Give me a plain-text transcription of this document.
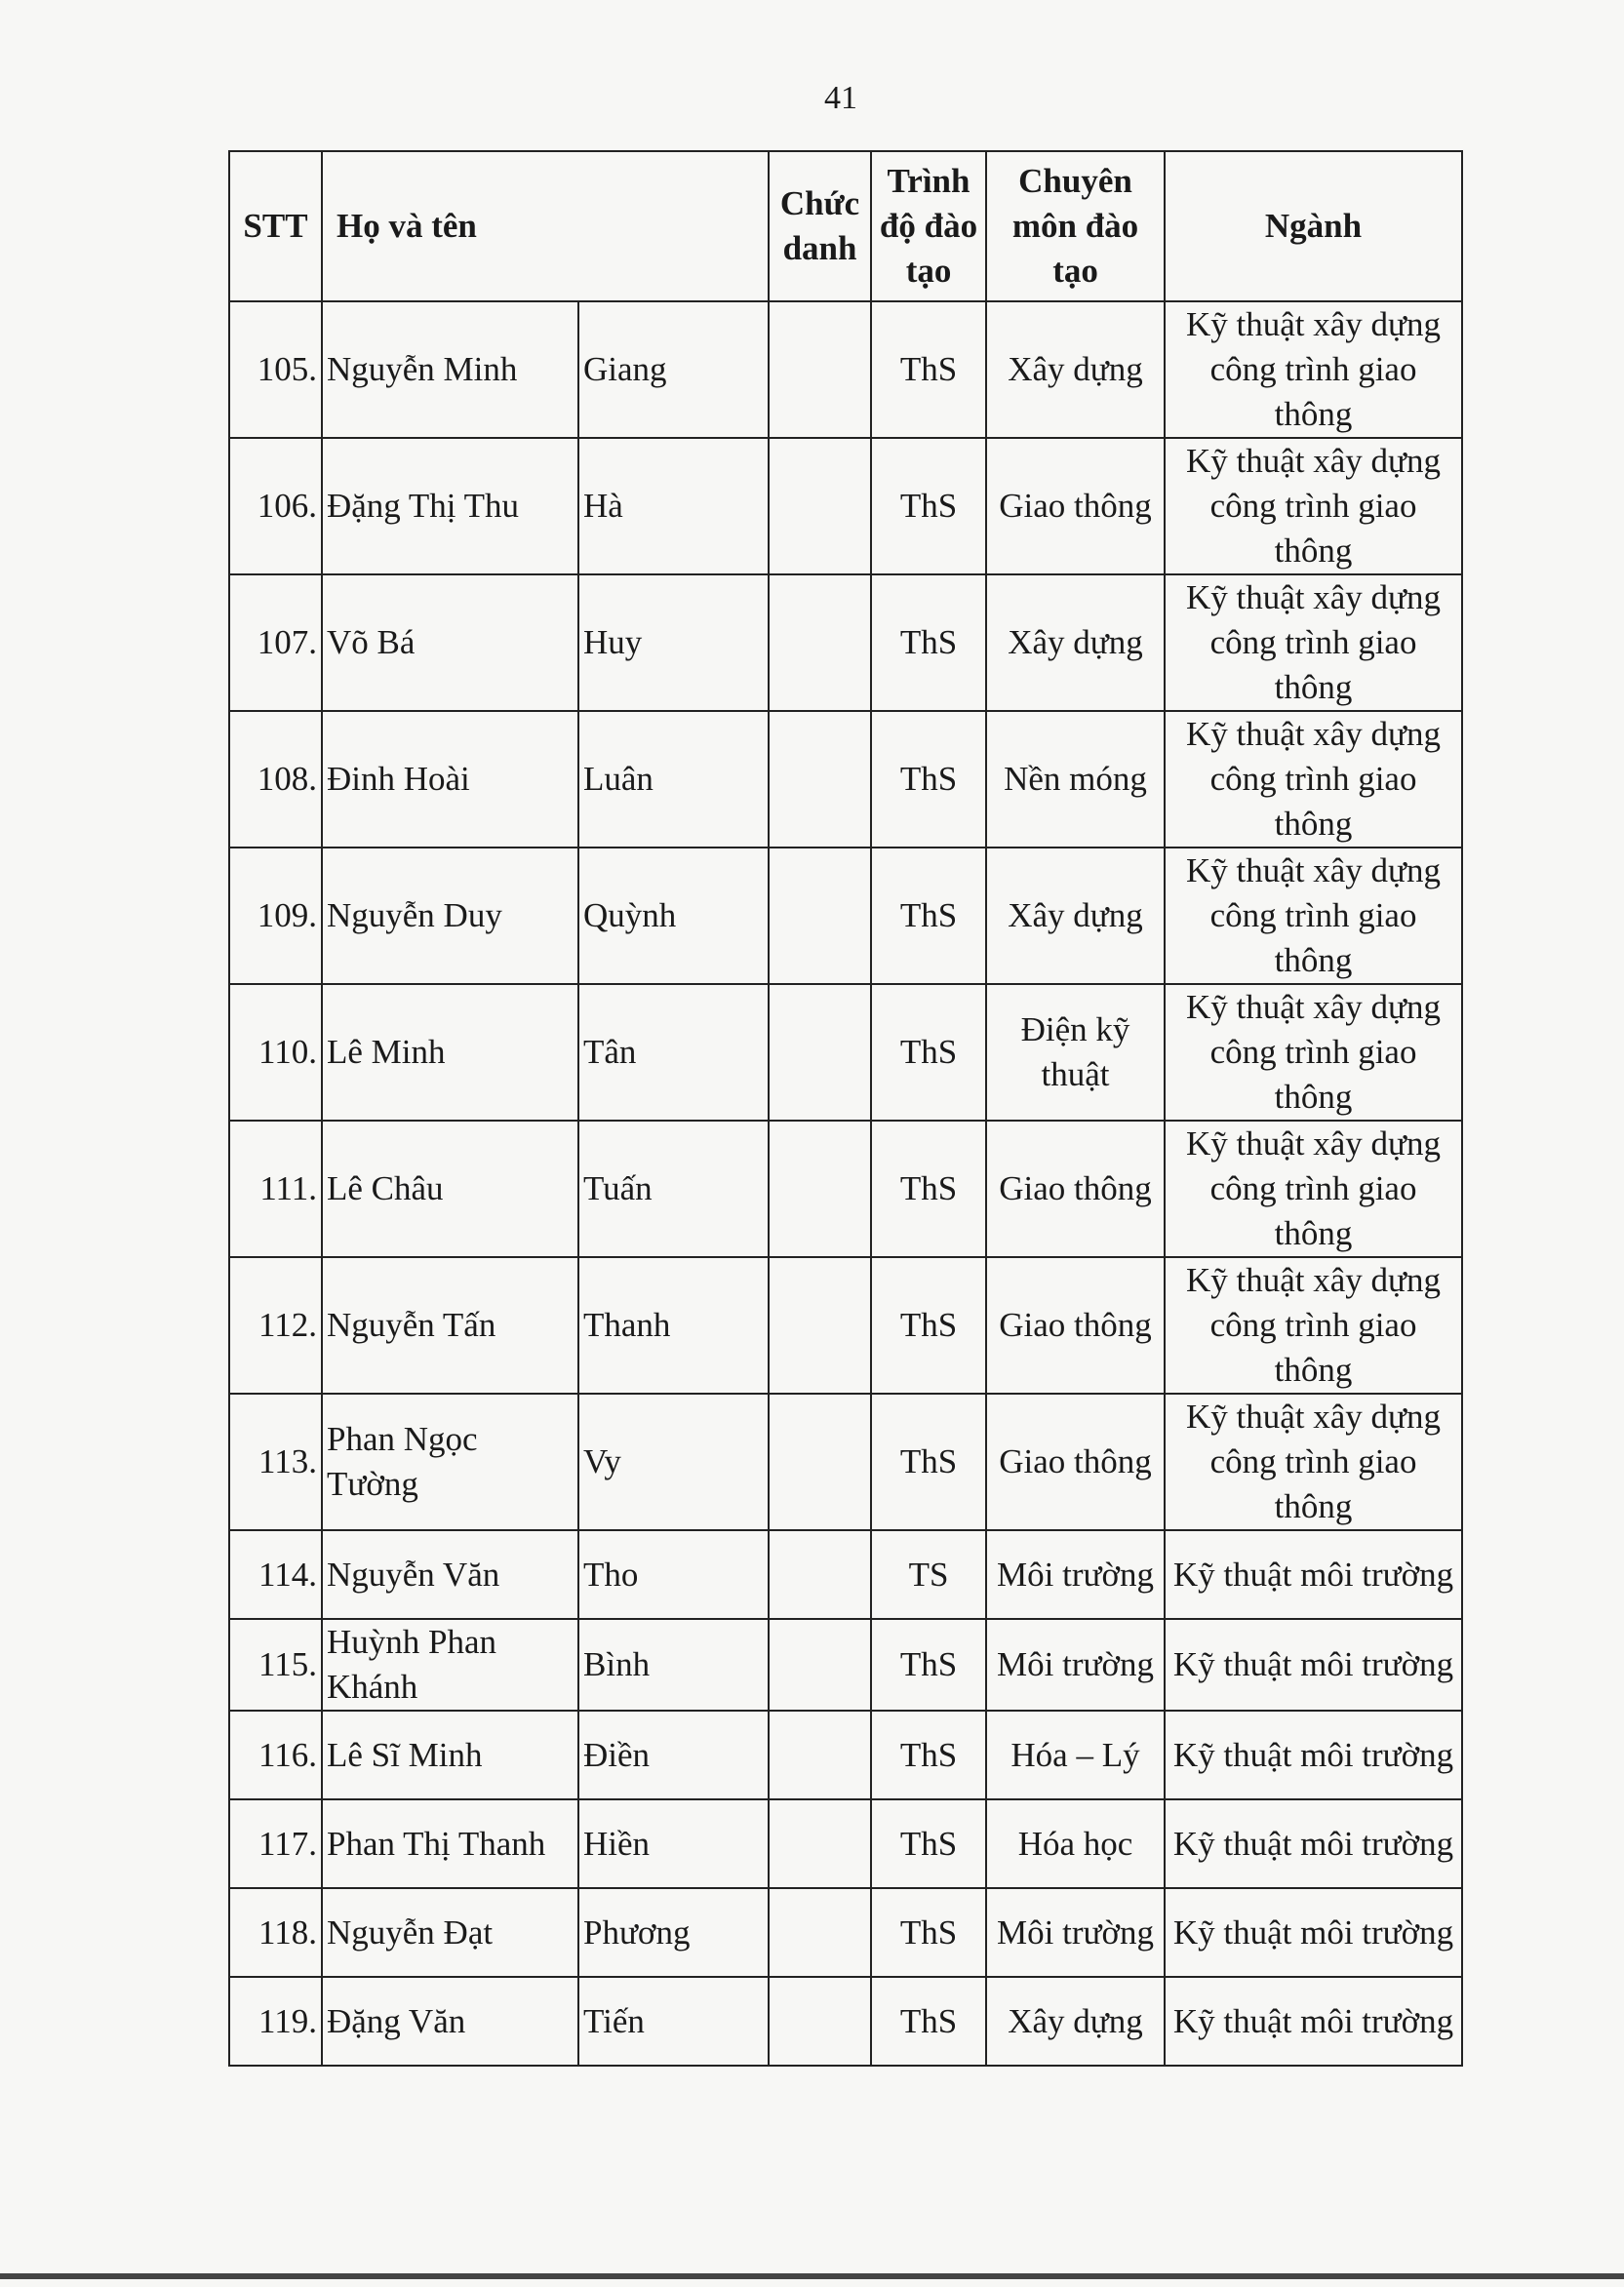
41
STT	Họ và tên		Chức danh	Trình độ đào tạo	Chuyên môn đào tạo	Ngành
105.	Nguyễn Minh	Giang		ThS	Xây dựng	Kỹ thuật xây dựng công trình giao thông
106.	Đặng Thị Thu	Hà		ThS	Giao thông	Kỹ thuật xây dựng công trình giao thông
107.	Võ Bá	Huy		ThS	Xây dựng	Kỹ thuật xây dựng công trình giao thông
108.	Đinh Hoài	Luân		ThS	Nền móng	Kỹ thuật xây dựng công trình giao thông
109.	Nguyễn Duy	Quỳnh		ThS	Xây dựng	Kỹ thuật xây dựng công trình giao thông
110.	Lê Minh	Tân		ThS	Điện kỹ thuật	Kỹ thuật xây dựng công trình giao thông
111.	Lê Châu	Tuấn		ThS	Giao thông	Kỹ thuật xây dựng công trình giao thông
112.	Nguyễn Tấn	Thanh		ThS	Giao thông	Kỹ thuật xây dựng công trình giao thông
113.	Phan Ngọc Tường	Vy		ThS	Giao thông	Kỹ thuật xây dựng công trình giao thông
114.	Nguyễn Văn	Tho		TS	Môi trường	Kỹ thuật môi trường
115.	Huỳnh Phan Khánh	Bình		ThS	Môi trường	Kỹ thuật môi trường
116.	Lê Sĩ Minh	Điền		ThS	Hóa – Lý	Kỹ thuật môi trường
117.	Phan Thị Thanh	Hiền		ThS	Hóa học	Kỹ thuật môi trường
118.	Nguyễn Đạt	Phương		ThS	Môi trường	Kỹ thuật môi trường
119.	Đặng Văn	Tiến		ThS	Xây dựng	Kỹ thuật môi trường
